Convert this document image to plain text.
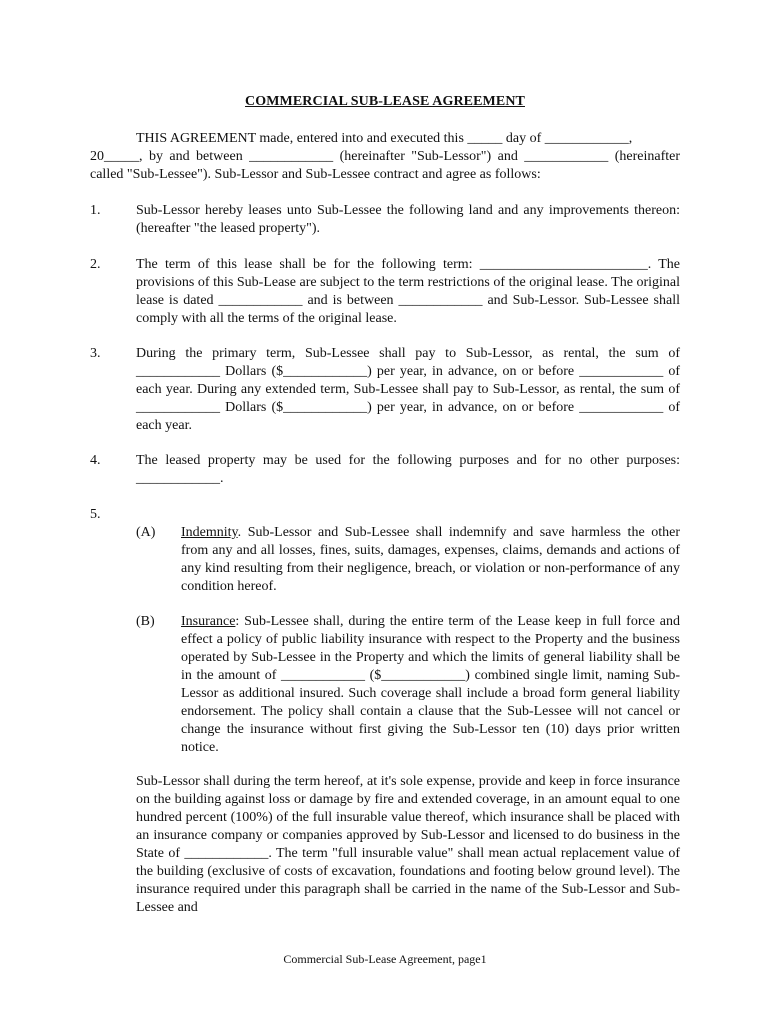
COMMERCIAL SUB-LEASE AGREEMENT
THIS AGREEMENT made, entered into and executed this _____ day of ____________,
20_____, by and between ____________ (hereinafter "Sub-Lessor") and ____________ (hereinafter called "Sub-Lessee"). Sub-Lessor and Sub-Lessee contract and agree as follows:
1.	Sub-Lessor hereby leases unto Sub-Lessee the following land and any improvements thereon: (hereafter "the leased property").
2.	The term of this lease shall be for the following term: ________________________. The provisions of this Sub-Lease are subject to the term restrictions of the original lease. The original lease is dated ____________ and is between ____________ and Sub-Lessor. Sub-Lessee shall comply with all the terms of the original lease.
3.	During the primary term, Sub-Lessee shall pay to Sub-Lessor, as rental, the sum of ____________ Dollars ($____________) per year, in advance, on or before ____________ of each year. During any extended term, Sub-Lessee shall pay to Sub-Lessor, as rental, the sum of ____________ Dollars ($____________) per year, in advance, on or before ____________ of each year.
4.	The leased property may be used for the following purposes and for no other purposes: ____________.
5.
(A)	Indemnity. Sub-Lessor and Sub-Lessee shall indemnify and save harmless the other from any and all losses, fines, suits, damages, expenses, claims, demands and actions of any kind resulting from their negligence, breach, or violation or non-performance of any condition hereof.
(B)	Insurance: Sub-Lessee shall, during the entire term of the Lease keep in full force and effect a policy of public liability insurance with respect to the Property and the business operated by Sub-Lessee in the Property and which the limits of general liability shall be in the amount of ____________ ($____________) combined single limit, naming Sub-Lessor as additional insured. Such coverage shall include a broad form general liability endorsement. The policy shall contain a clause that the Sub-Lessee will not cancel or change the insurance without first giving the Sub-Lessor ten (10) days prior written notice.
Sub-Lessor shall during the term hereof, at it's sole expense, provide and keep in force insurance on the building against loss or damage by fire and extended coverage, in an amount equal to one hundred percent (100%) of the full insurable value thereof, which insurance shall be placed with an insurance company or companies approved by Sub-Lessor and licensed to do business in the State of ____________. The term "full insurable value" shall mean actual replacement value of the building (exclusive of costs of excavation, foundations and footing below ground level). The insurance required under this paragraph shall be carried in the name of the Sub-Lessor and Sub-Lessee and
Commercial Sub-Lease Agreement, page1
